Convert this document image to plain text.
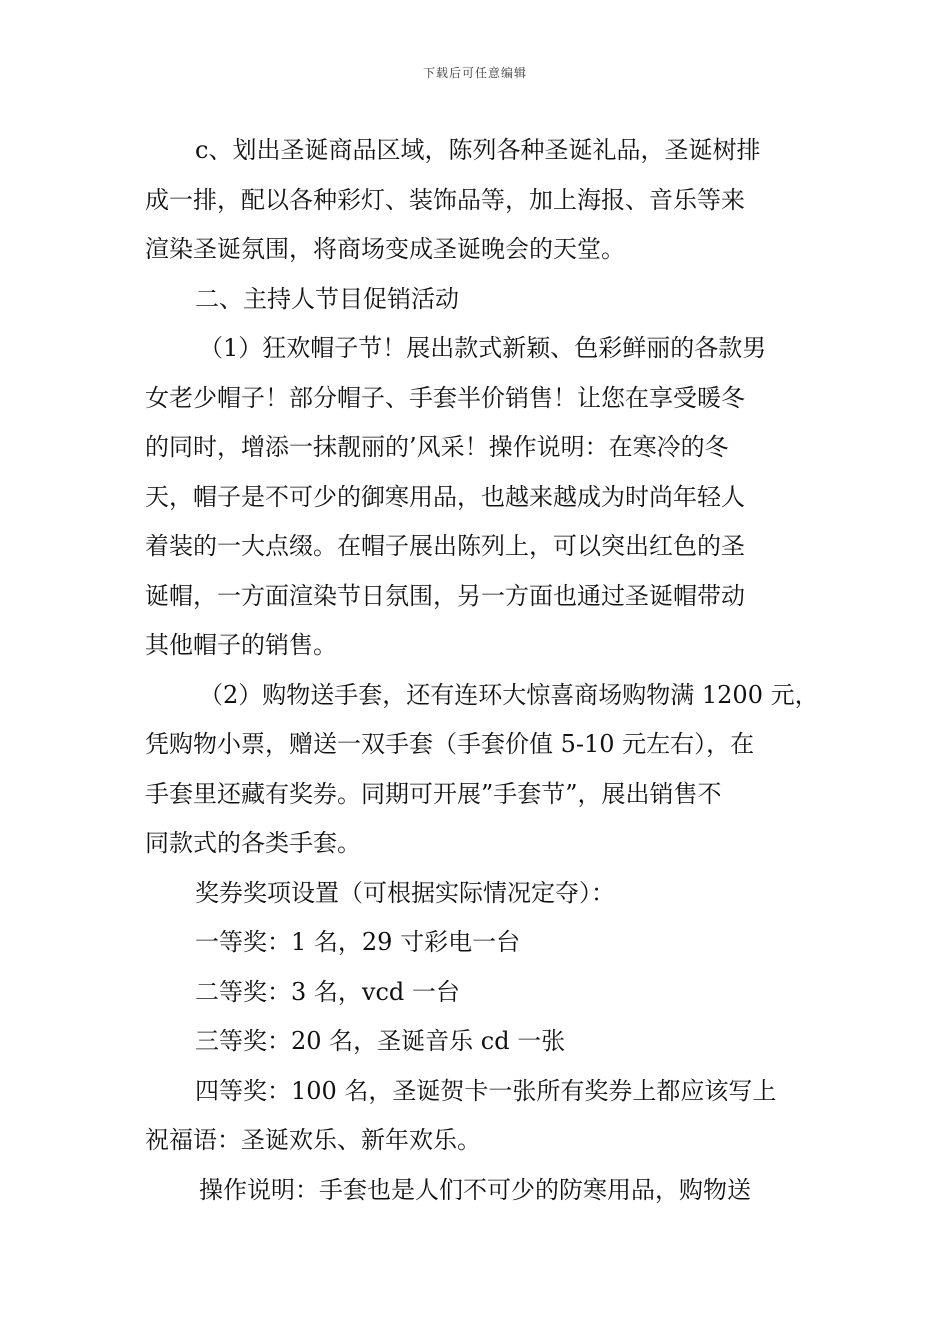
下载后可任意编辑
c、划出圣诞商品区域，陈列各种圣诞礼品，圣诞树排
成一排，配以各种彩灯、装饰品等，加上海报、音乐等来
渲染圣诞氛围，将商场变成圣诞晚会的天堂。
二、主持人节目促销活动
（1）狂欢帽子节！展出款式新颖、色彩鲜丽的各款男
女老少帽子！部分帽子、手套半价销售！让您在享受暖冬
的同时，增添一抹靓丽的’风采！操作说明：在寒冷的冬
天，帽子是不可少的御寒用品，也越来越成为时尚年轻人
着装的一大点缀。在帽子展出陈列上，可以突出红色的圣
诞帽，一方面渲染节日氛围，另一方面也通过圣诞帽带动
其他帽子的销售。
（2）购物送手套，还有连环大惊喜商场购物满 1200 元，
凭购物小票，赠送一双手套（手套价值 5-10 元左右），在
手套里还藏有奖券。同期可开展”手套节”，展出销售不
同款式的各类手套。
奖券奖项设置（可根据实际情况定夺）：
一等奖：1 名，29 寸彩电一台
二等奖：3 名，vcd 一台
三等奖：20 名，圣诞音乐 cd 一张
四等奖：100 名，圣诞贺卡一张所有奖券上都应该写上
祝福语：圣诞欢乐、新年欢乐。
操作说明：手套也是人们不可少的防寒用品，购物送
